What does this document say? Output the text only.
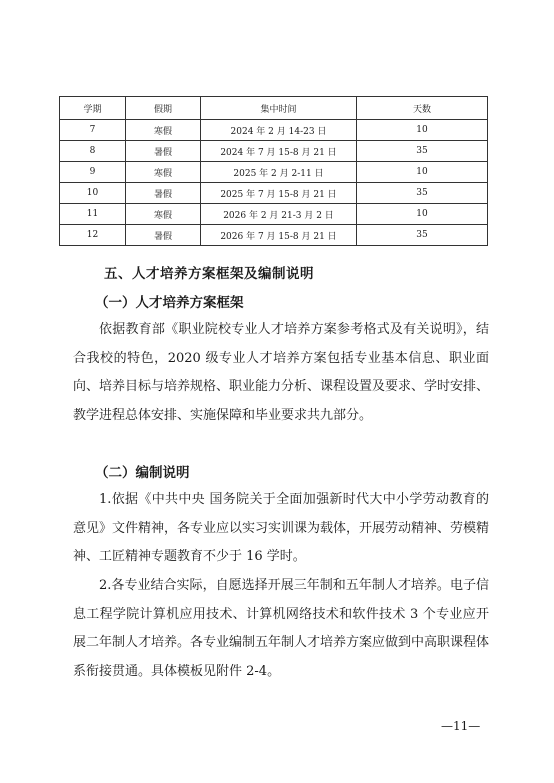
学期	假期	集中时间	天数
7	寒假	2024 年 2 月 14-23 日	10
8	暑假	2024 年 7 月 15-8 月 21 日	35
9	寒假	2025 年 2 月 2-11 日	10
10	暑假	2025 年 7 月 15-8 月 21 日	35
11	寒假	2026 年 2 月 21-3 月 2 日	10
12	暑假	2026 年 7 月 15-8 月 21 日	35
五、人才培养方案框架及编制说明
（一）人才培养方案框架

依据教育部《职业院校专业人才培养方案参考格式及有关说明》，结合我校的特色，2020 级专业人才培养方案包括专业基本信息、职业面向、培养目标与培养规格、职业能力分析、课程设置及要求、学时安排、教学进程总体安排、实施保障和毕业要求共九部分。

（二）编制说明

1.依据《中共中央 国务院关于全面加强新时代大中小学劳动教育的意见》文件精神，各专业应以实习实训课为载体，开展劳动精神、劳模精神、工匠精神专题教育不少于 16 学时。

2.各专业结合实际，自愿选择开展三年制和五年制人才培养。电子信息工程学院计算机应用技术、计算机网络技术和软件技术 3 个专业应开展二年制人才培养。各专业编制五年制人才培养方案应做到中高职课程体系衔接贯通。具体模板见附件 2-4。

—11—
